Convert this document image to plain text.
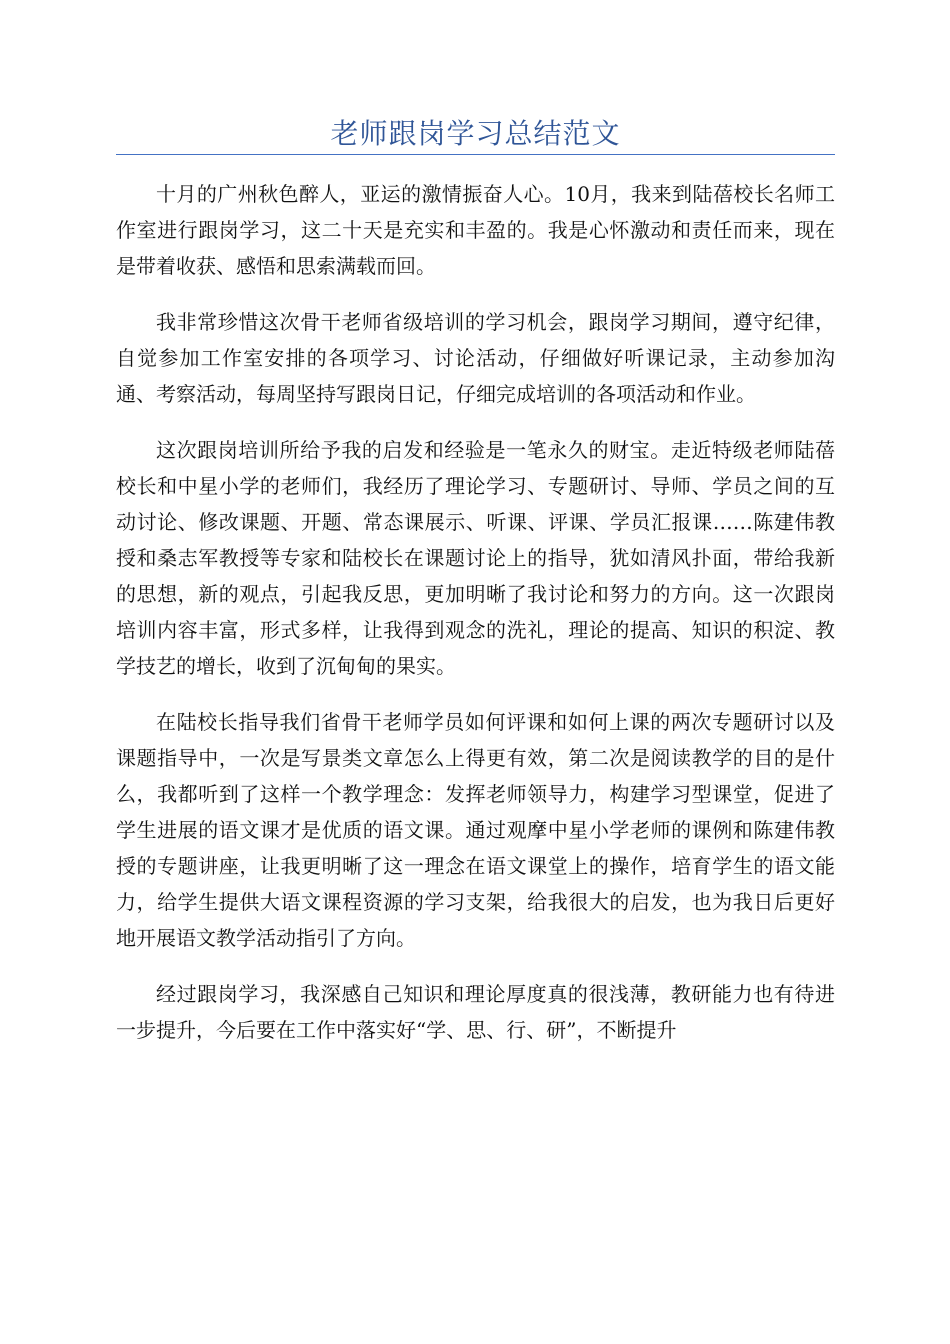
老师跟岗学习总结范文

十月的广州秋色醉人，亚运的激情振奋人心。10月，我来到陆蓓校长名师工作室进行跟岗学习，这二十天是充实和丰盈的。我是心怀激动和责任而来，现在是带着收获、感悟和思索满载而回。

我非常珍惜这次骨干老师省级培训的学习机会，跟岗学习期间，遵守纪律，自觉参加工作室安排的各项学习、讨论活动，仔细做好听课记录，主动参加沟通、考察活动，每周坚持写跟岗日记，仔细完成培训的各项活动和作业。

这次跟岗培训所给予我的启发和经验是一笔永久的财宝。走近特级老师陆蓓校长和中星小学的老师们，我经历了理论学习、专题研讨、导师、学员之间的互动讨论、修改课题、开题、常态课展示、听课、评课、学员汇报课……陈建伟教授和桑志军教授等专家和陆校长在课题讨论上的指导，犹如清风扑面，带给我新的思想，新的观点，引起我反思，更加明晰了我讨论和努力的方向。这一次跟岗培训内容丰富，形式多样，让我得到观念的洗礼，理论的提高、知识的积淀、教学技艺的增长，收到了沉甸甸的果实。

在陆校长指导我们省骨干老师学员如何评课和如何上课的两次专题研讨以及课题指导中，一次是写景类文章怎么上得更有效，第二次是阅读教学的目的是什么，我都听到了这样一个教学理念：发挥老师领导力，构建学习型课堂，促进了学生进展的语文课才是优质的语文课。通过观摩中星小学老师的课例和陈建伟教授的专题讲座，让我更明晰了这一理念在语文课堂上的操作，培育学生的语文能力，给学生提供大语文课程资源的学习支架，给我很大的启发，也为我日后更好地开展语文教学活动指引了方向。

经过跟岗学习，我深感自己知识和理论厚度真的很浅薄，教研能力也有待进一步提升，今后要在工作中落实好“学、思、行、研”，不断提升
